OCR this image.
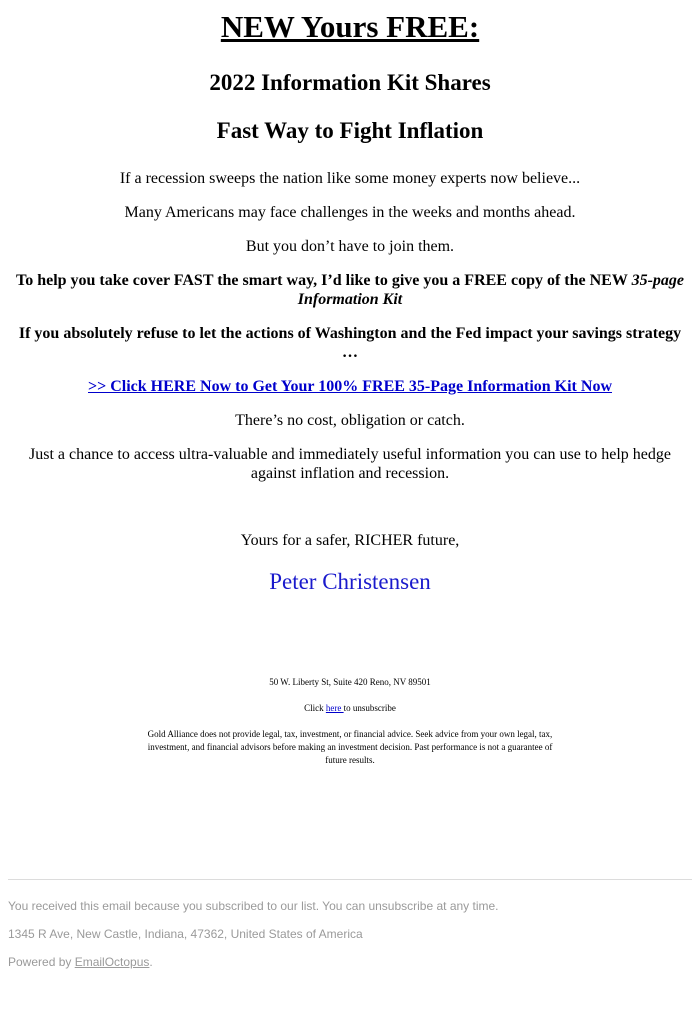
NEW Yours FREE:
2022 Information Kit Shares
Fast Way to Fight Inflation

If a recession sweeps the nation like some money experts now believe...

Many Americans may face challenges in the weeks and months ahead.

But you don’t have to join them.

To help you take cover FAST the smart way, I’d like to give you a FREE copy of the NEW 35-page Information Kit

If you absolutely refuse to let the actions of Washington and the Fed impact your savings strategy …

>> Click HERE Now to Get Your 100% FREE 35-Page Information Kit Now

There’s no cost, obligation or catch.

Just a chance to access ultra-valuable and immediately useful information you can use to help hedge against inflation and recession.

Yours for a safer, RICHER future,

Peter Christensen

50 W. Liberty St, Suite 420 Reno, NV 89501

Click here to unsubscribe

Gold Alliance does not provide legal, tax, investment, or financial advice. Seek advice from your own legal, tax, investment, and financial advisors before making an investment decision. Past performance is not a guarantee of future results.

You received this email because you subscribed to our list. You can unsubscribe at any time.

1345 R Ave, New Castle, Indiana, 47362, United States of America

Powered by EmailOctopus.
